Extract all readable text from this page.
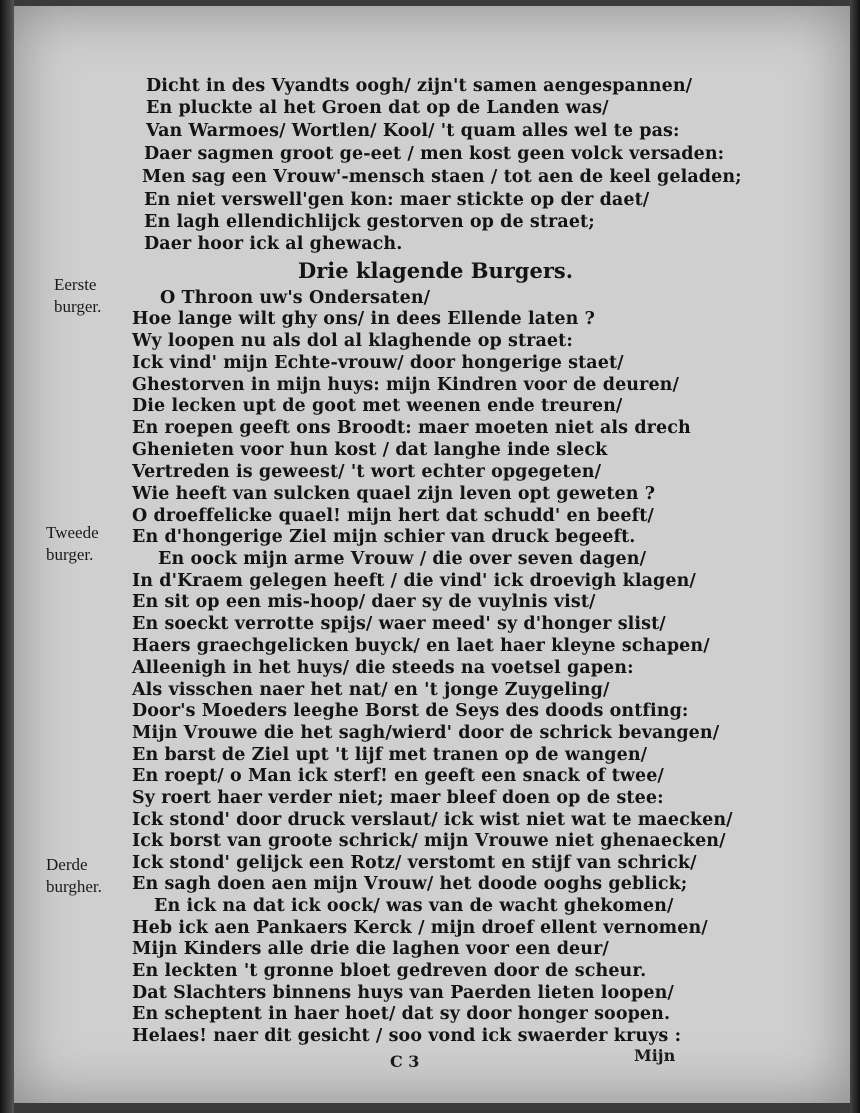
Dicht in des Vyandts oogh/ zijn't samen aengespannen/
En pluckte al het Groen dat op de Landen was/
Van Warmoes/ Wortlen/ Kool/ 't quam alles wel te pas:
Daer sagmen groot ge-eet / men kost geen volck versaden:
Men sag een Vrouw'-mensch staen / tot aen de keel geladen;
En niet verswell'gen kon: maer stickte op der daet/
En lagh ellendichlijck gestorven op de straet;
Daer hoor ick al ghewach.
Drie klagende Burgers.
Eerste
burger.
Tweede
burger.
Derde
burgher.
O Throon uw's Ondersaten/
Hoe lange wilt ghy ons/ in dees Ellende laten ?
Wy loopen nu als dol al klaghende op straet:
Ick vind' mijn Echte-vrouw/ door hongerige staet/
Ghestorven in mijn huys: mijn Kindren voor de deuren/
Die lecken upt de goot met weenen ende treuren/
En roepen geeft ons Broodt: maer moeten niet als drech
Ghenieten voor hun kost / dat langhe inde sleck
Vertreden is geweest/ 't wort echter opgegeten/
Wie heeft van sulcken quael zijn leven opt geweten ?
O droeffelicke quael! mijn hert dat schudd' en beeft/
En d'hongerige Ziel mijn schier van druck begeeft.
En oock mijn arme Vrouw / die over seven dagen/
In d'Kraem gelegen heeft / die vind' ick droevigh klagen/
En sit op een mis-hoop/ daer sy de vuylnis vist/
En soeckt verrotte spijs/ waer meed' sy d'honger slist/
Haers graechgelicken buyck/ en laet haer kleyne schapen/
Alleenigh in het huys/ die steeds na voetsel gapen:
Als visschen naer het nat/ en 't jonge Zuygeling/
Door's Moeders leeghe Borst de Seys des doods ontfing:
Mijn Vrouwe die het sagh/wierd' door de schrick bevangen/
En barst de Ziel upt 't lijf met tranen op de wangen/
En roept/ o Man ick sterf! en geeft een snack of twee/
Sy roert haer verder niet; maer bleef doen op de stee:
Ick stond' door druck verslaut/ ick wist niet wat te maecken/
Ick borst van groote schrick/ mijn Vrouwe niet ghenaecken/
Ick stond' gelijck een Rotz/ verstomt en stijf van schrick/
En sagh doen aen mijn Vrouw/ het doode ooghs geblick;
En ick na dat ick oock/ was van de wacht ghekomen/
Heb ick aen Pankaers Kerck / mijn droef ellent vernomen/
Mijn Kinders alle drie die laghen voor een deur/
En leckten 't gronne bloet gedreven door de scheur.
Dat Slachters binnens huys van Paerden lieten loopen/
En scheptent in haer hoet/ dat sy door honger soopen.
Helaes! naer dit gesicht / soo vond ick swaerder kruys :
C 3	Mijn
